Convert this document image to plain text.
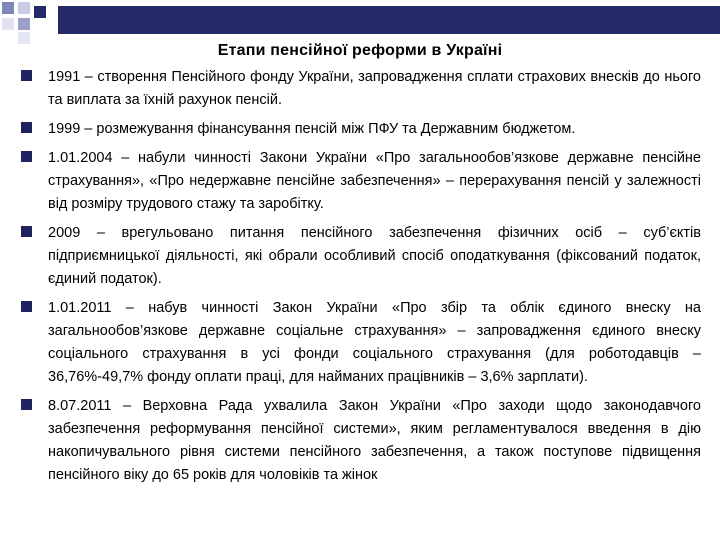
Етапи пенсійної реформи в Україні
1991 – створення Пенсійного фонду України, запровадження сплати страхових внесків до нього та виплата за їхній рахунок пенсій.
1999 – розмежування фінансування пенсій між ПФУ та Державним бюджетом.
1.01.2004 – набули чинності Закони України «Про загальнообов’язкове державне пенсійне страхування», «Про недержавне пенсійне забезпечення» – перерахування пенсій у залежності від розміру трудового стажу та заробітку.
2009 – врегульовано питання пенсійного забезпечення фізичних осіб – суб’єктів підприємницької діяльності, які обрали особливий спосіб оподаткування (фіксований податок, єдиний податок).
1.01.2011 – набув чинності Закон України «Про збір та облік єдиного внеску на загальнообов’язкове державне соціальне страхування» – запровадження єдиного внеску соціального страхування в усі фонди соціального страхування (для роботодавців – 36,76%-49,7% фонду оплати праці, для найманих працівників – 3,6% зарплати).
8.07.2011 – Верховна Рада ухвалила Закон України «Про заходи щодо законодавчого забезпечення реформування пенсійної системи», яким регламентувалося введення в дію накопичувального рівня системи пенсійного забезпечення, а також поступове підвищення пенсійного віку до 65 років для чоловіків та жінок
